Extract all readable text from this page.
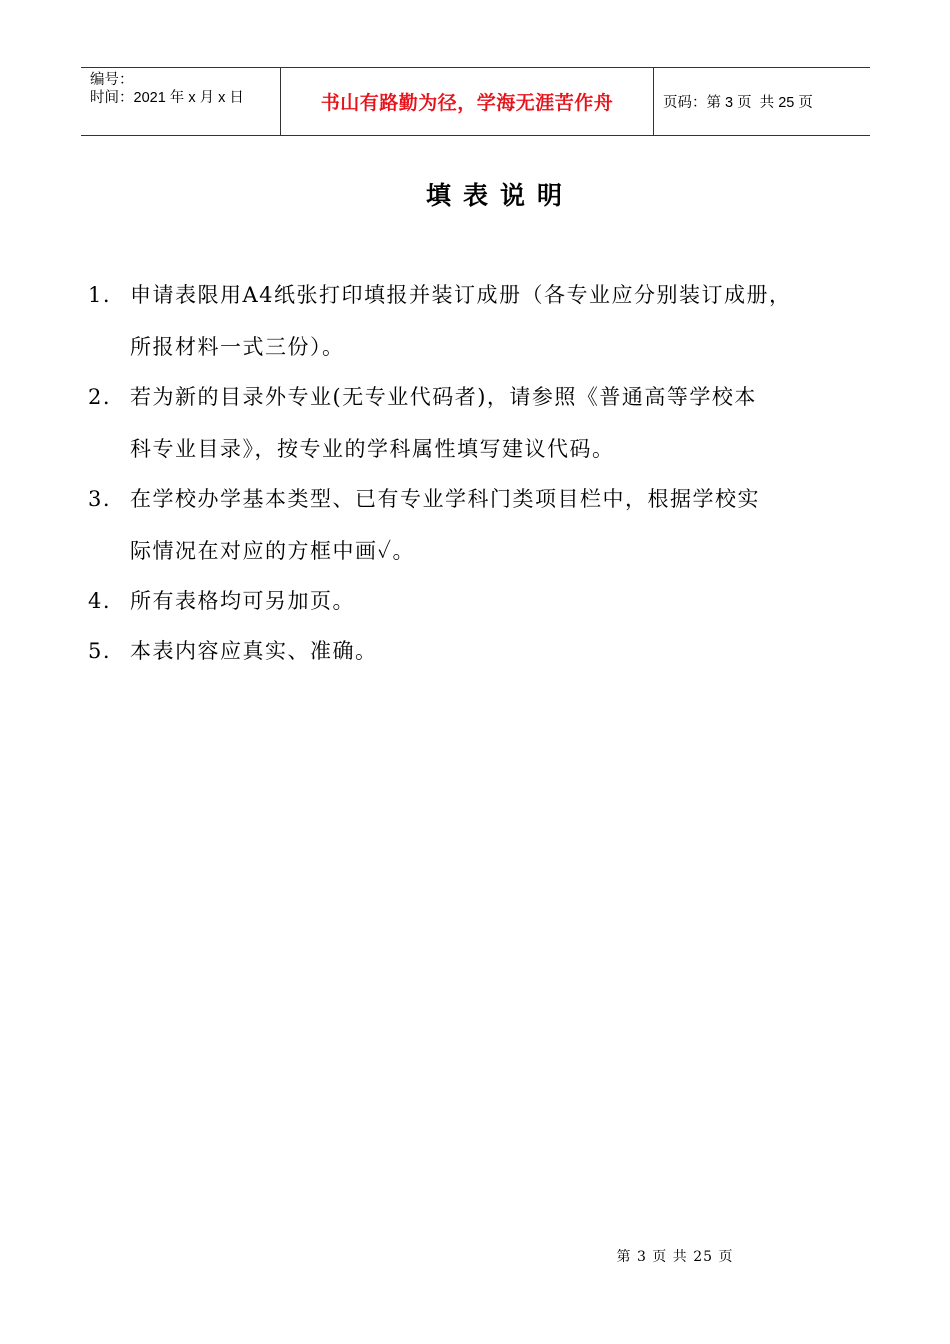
编号：
时间：2021 年 x 月 x 日	书山有路勤为径，学海无涯苦作舟	页码：第 3 页  共 25 页
填表说明
1. 申请表限用A4纸张打印填报并装订成册（各专业应分别装订成册，
所报材料一式三份）。
2. 若为新的目录外专业(无专业代码者)，请参照《普通高等学校本
科专业目录》，按专业的学科属性填写建议代码。
3. 在学校办学基本类型、已有专业学科门类项目栏中，根据学校实
际情况在对应的方框中画✓。
4. 所有表格均可另加页。
5. 本表内容应真实、准确。
第 3 页 共 25 页
